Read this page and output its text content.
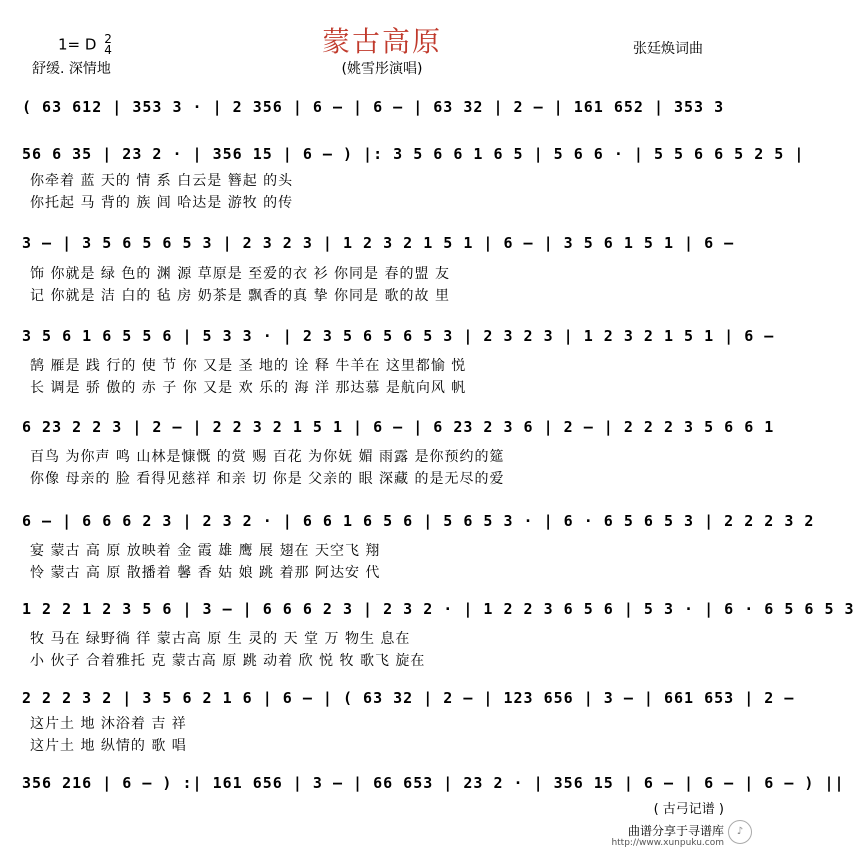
蒙古高原
(姚雪彤演唱)
1= D 2
4
舒缓. 深情地
张廷焕词曲
( 63 612 | 353 3 · | 2 356 | 6 – | 6 – | 63 32 | 2 – | 161 652 | 353 3
56 6 35 | 23 2 · | 356 15 | 6 – ) |: 3 5 6 6 1 6 5 | 5 6 6 · | 5 5 6 6 5 2 5 |
你牵着 蓝 天的 情 系 白云是 簪起 的头
你托起 马 背的 族 闾 哈达是 游牧 的传
3 – | 3 5 6 5 6 5 3 | 2 3 2 3 | 1 2 3 2 1 5 1 | 6 – | 3 5 6 1 5 1 | 6 –
饰 你就是 绿 色的 渊 源 草原是 至爱的衣 衫 你同是 春的盟 友
记 你就是 洁 白的 毡 房 奶茶是 飘香的真 挚 你同是 歌的故 里
3 5 6 1 6 5 5 6 | 5 3 3 · | 2 3 5 6 5 6 5 3 | 2 3 2 3 | 1 2 3 2 1 5 1 | 6 –
鹄 雁是 践 行的 使 节 你 又是 圣 地的 诠 释 牛羊在 这里都愉 悦
长 调是 骄 傲的 赤 子 你 又是 欢 乐的 海 洋 那达慕 是航向风 帆
6 23 2 2 3 | 2 – | 2 2 3 2 1 5 1 | 6 – | 6 23 2 3 6 | 2 – | 2 2 2 3 5 6 6 1
百鸟 为你声 鸣 山林是慷慨 的赏 赐 百花 为你妩 媚 雨露 是你预约的筵
你像 母亲的 脸 看得见慈祥 和亲 切 你是 父亲的 眼 深藏 的是无尽的爱
6 – | 6 6 6 2 3 | 2 3 2 · | 6 6 1 6 5 6 | 5 6 5 3 · | 6 · 6 5 6 5 3 | 2 2 2 3 2
宴 蒙古 高 原 放映着 金 霞 雄 鹰 展 翅在 天空飞 翔
怜 蒙古 高 原 散播着 馨 香 姑 娘 跳 着那 阿达安 代
1 2 2 1 2 3 5 6 | 3 – | 6 6 6 2 3 | 2 3 2 · | 1 2 2 3 6 5 6 | 5 3 · | 6 · 6 5 6 5 3
牧 马在 绿野徜 徉 蒙古高 原 生 灵的 天 堂 万 物生 息在
小 伙子 合着雅托 克 蒙古高 原 跳 动着 欣 悦 牧 歌飞 旋在
2 2 2 3 2 | 3 5 6 2 1 6 | 6 – | ( 63 32 | 2 – | 123 656 | 3 – | 661 653 | 2 –
这片土 地 沐浴着 吉 祥
这片土 地 纵情的 歌 唱
356 216 | 6 – ) :| 161 656 | 3 – | 66 653 | 23 2 · | 356 15 | 6 – | 6 – | 6 – ) ||
( 古弓记谱 )
曲谱分享于寻谱库
http://www.xunpuku.com
♪
